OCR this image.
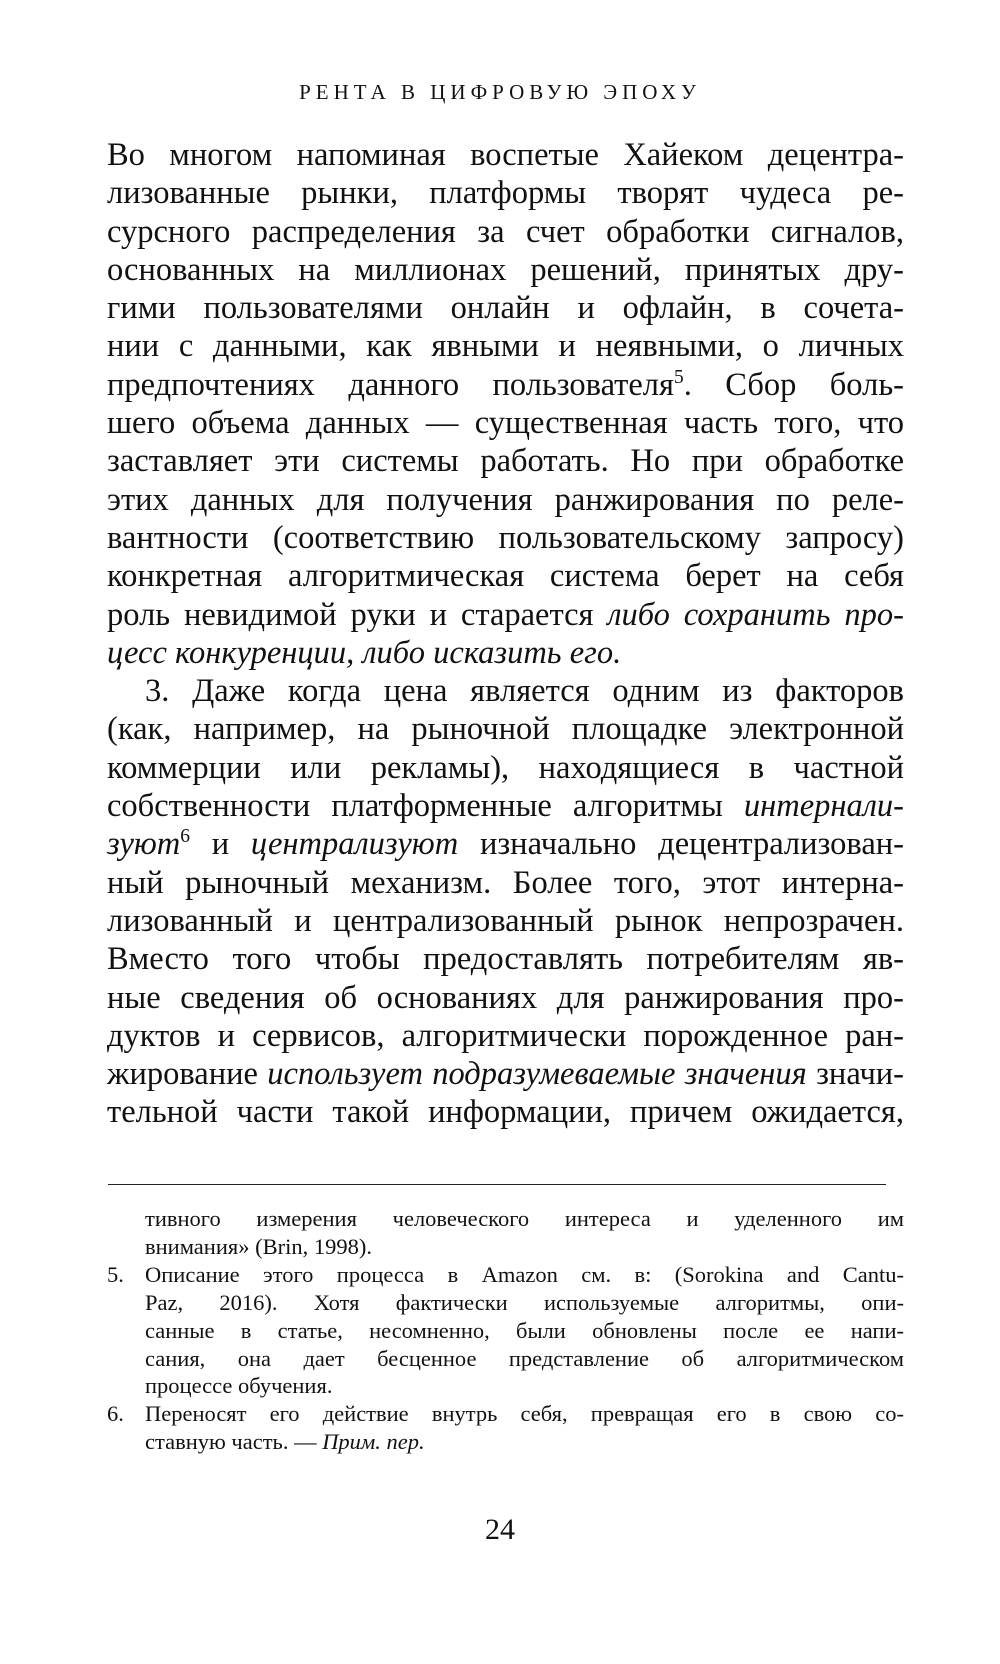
РЕНТА В ЦИФРОВУЮ ЭПОХУ
Во многом напоминая воспетые Хайеком децентра-
лизованные рынки, платформы творят чудеса ре-
сурсного распределения за счет обработки сигналов,
основанных на миллионах решений, принятых дру-
гими пользователями онлайн и офлайн, в сочета-
нии с данными, как явными и неявными, о личных
предпочтениях данного пользователя$^5$. Сбор боль-
шего объема данных — существенная часть того, что
заставляет эти системы работать. Но при обработке
этих данных для получения ранжирования по реле-
вантности (соответствию пользовательскому запросу)
конкретная алгоритмическая система берет на себя
роль невидимой руки и старается либо сохранить про-
цесс конкуренции, либо исказить его.
3. Даже когда цена является одним из факторов
(как, например, на рыночной площадке электронной
коммерции или рекламы), находящиеся в частной
собственности платформенные алгоритмы интернали-
зуют$^6$ и централизуют изначально децентрализован-
ный рыночный механизм. Более того, этот интерна-
лизованный и централизованный рынок непрозрачен.
Вместо того чтобы предоставлять потребителям яв-
ные сведения об основаниях для ранжирования про-
дуктов и сервисов, алгоритмически порожденное ран-
жирование использует подразумеваемые значения значи-
тельной части такой информации, причем ожидается,
тивного измерения человеческого интереса и уделенного им
внимания» (Brin, 1998).
5. Описание этого процесса в Amazon см. в: (Sorokina and Cantu-
Paz, 2016). Хотя фактически используемые алгоритмы, опи-
санные в статье, несомненно, были обновлены после ее напи-
сания, она дает бесценное представление об алгоритмическом
процессе обучения.
6. Переносят его действие внутрь себя, превращая его в свою со-
ставную часть. — Прим. пер.
24
